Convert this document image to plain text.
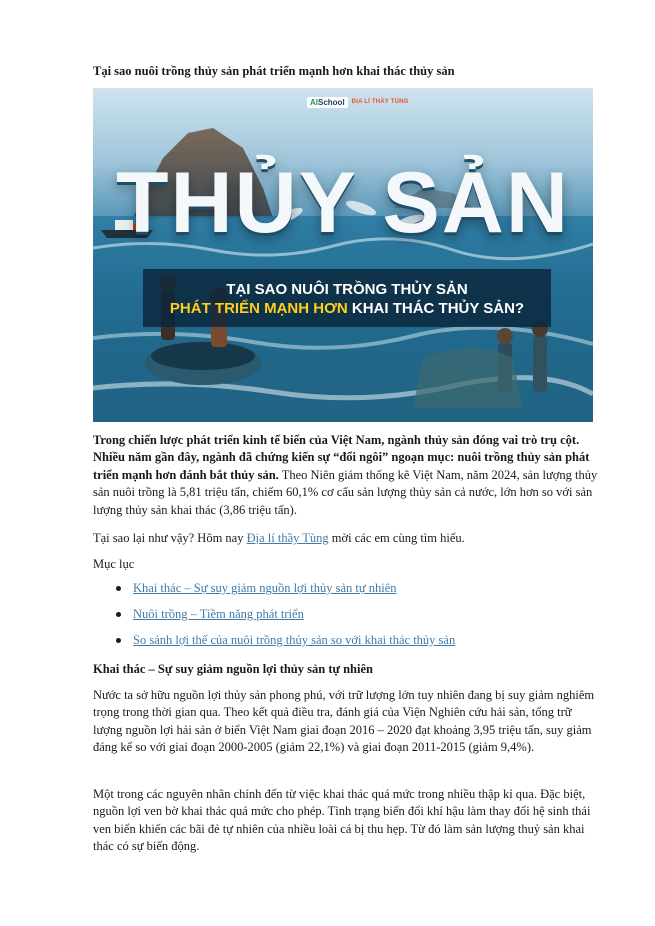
Tại sao nuôi trồng thủy sản phát triển mạnh hơn khai thác thủy sản

AISchool	ĐỊA LÍ THẦY TÙNG
THỦY SẢN
TẠI SAO NUÔI TRỒNG THỦY SẢN
PHÁT TRIỂN MẠNH HƠN KHAI THÁC THỦY SẢN?

Trong chiến lược phát triển kinh tế biển của Việt Nam, ngành thủy sản đóng vai trò trụ cột. Nhiều năm gần đây, ngành đã chứng kiến sự “đổi ngôi” ngoạn mục: nuôi trồng thủy sản phát triển mạnh hơn đánh bắt thủy sản. Theo Niên giám thống kê Việt Nam, năm 2024, sản lượng thủy sản nuôi trồng là 5,81 triệu tấn, chiếm 60,1% cơ cấu sản lượng thủy sản cả nước, lớn hơn so với sản lượng thủy sản khai thác (3,86 triệu tấn).

Tại sao lại như vậy? Hôm nay Địa lí thầy Tùng mời các em cùng tìm hiểu.

Mục lục

Khai thác – Sự suy giảm nguồn lợi thủy sản tự nhiên
Nuôi trồng – Tiềm năng phát triển
So sánh lợi thế của nuôi trồng thủy sản so với khai thác thủy sản

Khai thác – Sự suy giảm nguồn lợi thủy sản tự nhiên

Nước ta sở hữu nguồn lợi thủy sản phong phú, với trữ lượng lớn tuy nhiên đang bị suy giảm nghiêm trọng trong thời gian qua. Theo kết quả điều tra, đánh giá của Viện Nghiên cứu hải sản, tổng trữ lượng nguồn lợi hải sản ở biển Việt Nam giai đoạn 2016 – 2020 đạt khoảng 3,95 triệu tấn, suy giảm đáng kể so với giai đoạn 2000-2005 (giảm 22,1%) và giai đoạn 2011-2015 (giảm 9,4%).

Một trong các nguyên nhân chính đến từ việc khai thác quá mức trong nhiều thập kỉ qua. Đặc biệt, nguồn lợi ven bờ khai thác quá mức cho phép. Tình trạng biến đổi khí hậu làm thay đổi hệ sinh thái ven biển khiến các bãi đẻ tự nhiên của nhiều loài cá bị thu hẹp. Từ đó làm sản lượng thuỷ sản khai thác có sự biến động.
